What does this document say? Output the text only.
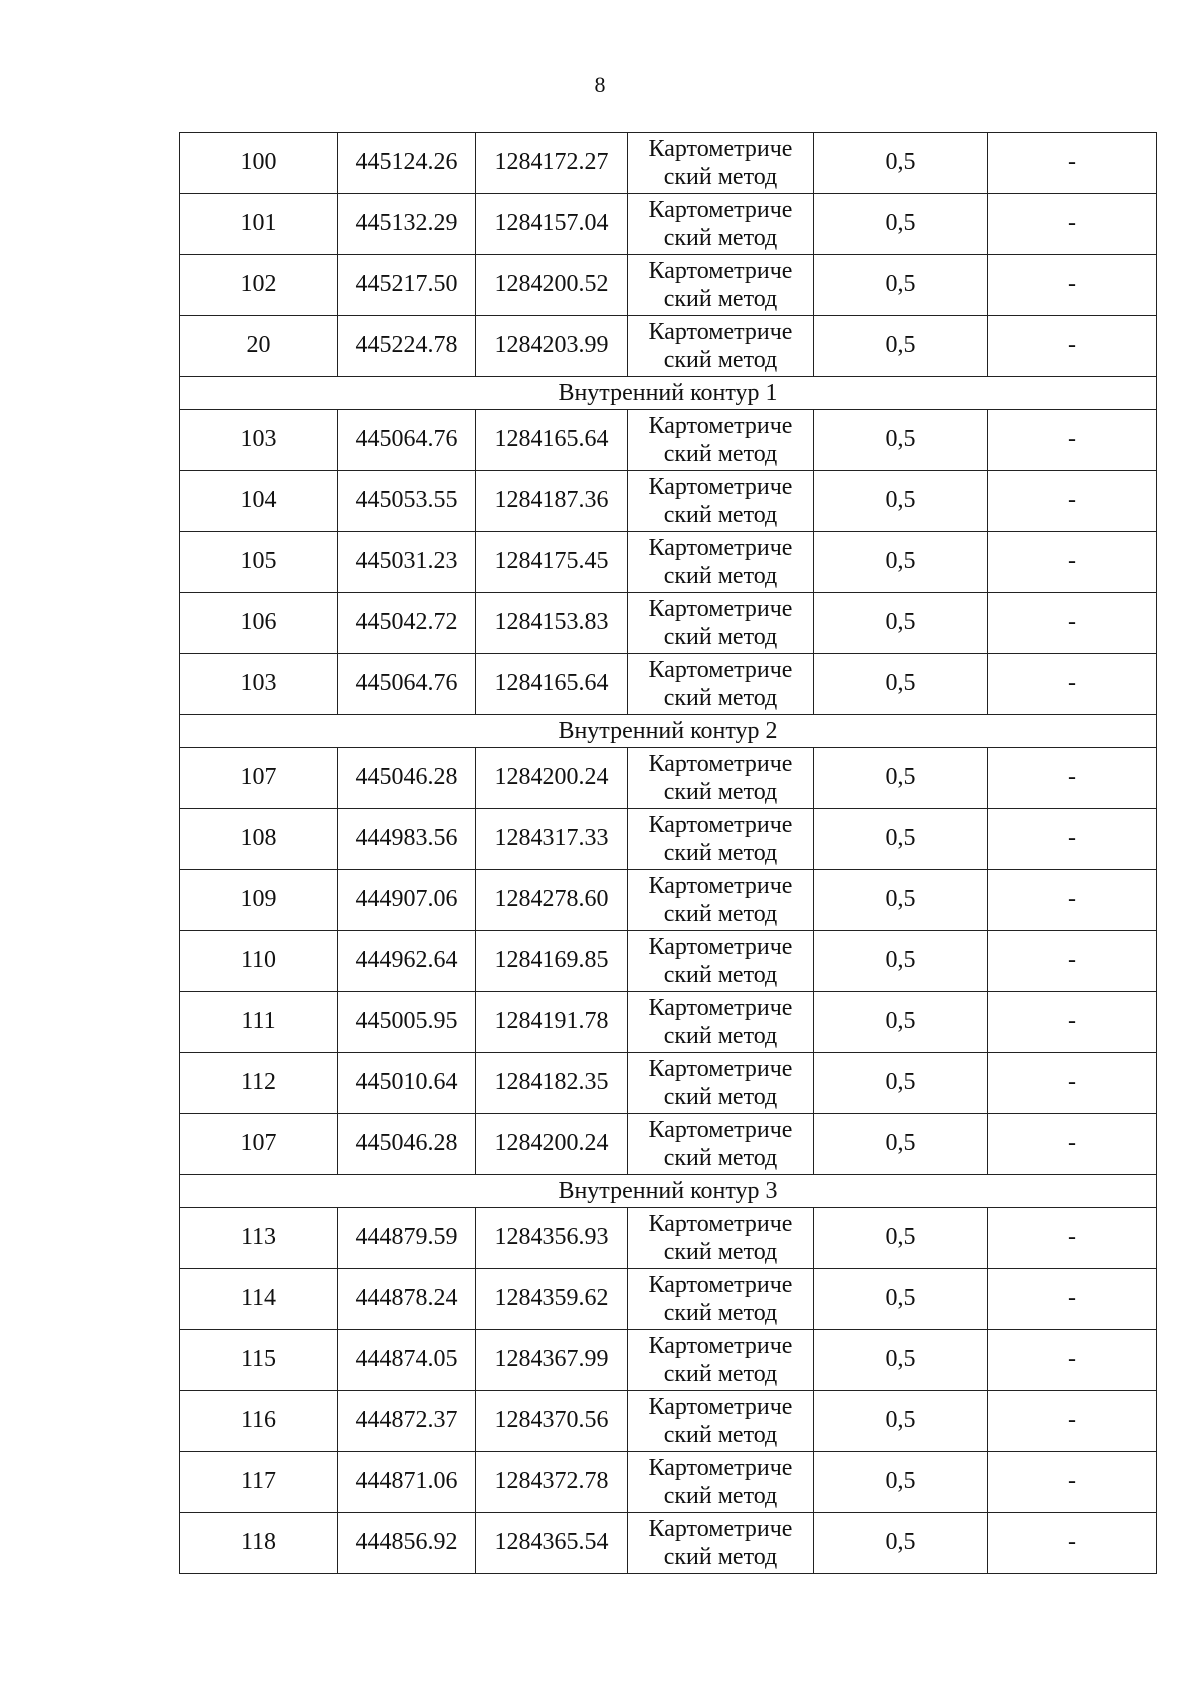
8
100	445124.26	1284172.27	Картометриче ский метод	0,5	-
101	445132.29	1284157.04	Картометриче ский метод	0,5	-
102	445217.50	1284200.52	Картометриче ский метод	0,5	-
20	445224.78	1284203.99	Картометриче ский метод	0,5	-
Внутренний контур 1					
103	445064.76	1284165.64	Картометриче ский метод	0,5	-
104	445053.55	1284187.36	Картометриче ский метод	0,5	-
105	445031.23	1284175.45	Картометриче ский метод	0,5	-
106	445042.72	1284153.83	Картометриче ский метод	0,5	-
103	445064.76	1284165.64	Картометриче ский метод	0,5	-
Внутренний контур 2					
107	445046.28	1284200.24	Картометриче ский метод	0,5	-
108	444983.56	1284317.33	Картометриче ский метод	0,5	-
109	444907.06	1284278.60	Картометриче ский метод	0,5	-
110	444962.64	1284169.85	Картометриче ский метод	0,5	-
111	445005.95	1284191.78	Картометриче ский метод	0,5	-
112	445010.64	1284182.35	Картометриче ский метод	0,5	-
107	445046.28	1284200.24	Картометриче ский метод	0,5	-
Внутренний контур 3					
113	444879.59	1284356.93	Картометриче ский метод	0,5	-
114	444878.24	1284359.62	Картометриче ский метод	0,5	-
115	444874.05	1284367.99	Картометриче ский метод	0,5	-
116	444872.37	1284370.56	Картометриче ский метод	0,5	-
117	444871.06	1284372.78	Картометриче ский метод	0,5	-
118	444856.92	1284365.54	Картометриче ский метод	0,5	-
